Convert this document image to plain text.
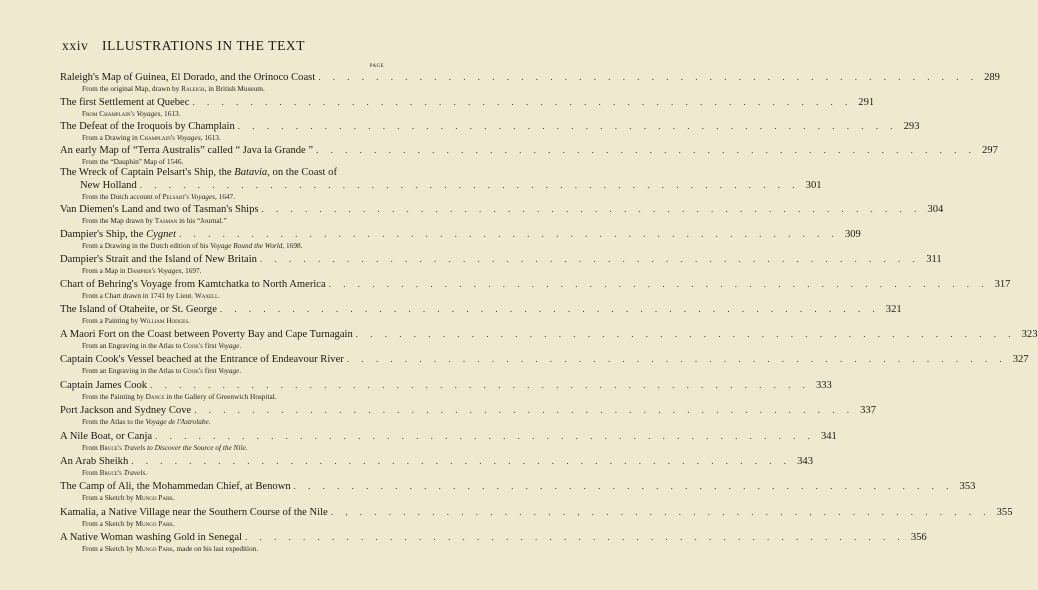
xxiv ILLUSTRATIONS IN THE TEXT
PAGE
Raleigh's Map of Guinea, El Dorado, and the Orinoco Coast . . .	289
From the original Map, drawn by Raleigh, in British Museum.
The first Settlement at Quebec . . .	291
From Champlain's Voyages, 1613.
The Defeat of the Iroquois by Champlain . . .	293
From a Drawing in Champlain's Voyages, 1613.
An early Map of “Terra Australis” called “ Java la Grande ” . . .	297
From the “Dauphin” Map of 1546.
The Wreck of Captain Pelsart's Ship, the Batavia, on the Coast of
New Holland . . .	301
From the Dutch account of Pelsart's Voyages, 1647.
Van Diemen's Land and two of Tasman's Ships . . .	304
From the Map drawn by Tasman in his “Journal.”
Dampier's Ship, the Cygnet . . .	309
From a Drawing in the Dutch edition of his Voyage Round the World, 1698.
Dampier's Strait and the Island of New Britain . . .	311
From a Map in Dampier's Voyages, 1697.
Chart of Behring's Voyage from Kamtchatka to North America . . .	317
From a Chart drawn in 1741 by Lieut. Waxell.
The Island of Otaheite, or St. George . . .	321
From a Painting by William Hodges.
A Maori Fort on the Coast between Poverty Bay and Cape Turnagain . . .	323
From an Engraving in the Atlas to Cook's first Voyage.
Captain Cook's Vessel beached at the Entrance of Endeavour River . . .	327
From an Engraving in the Atlas to Cook's first Voyage.
Captain James Cook . . .	333
From the Painting by Dance in the Gallery of Greenwich Hospital.
Port Jackson and Sydney Cove . . .	337
From the Atlas to the Voyage de l'Astrolabe.
A Nile Boat, or Canja . . .	341
From Bruce's Travels to Discover the Source of the Nile.
An Arab Sheikh . . .	343
From Bruce's Travels.
The Camp of Ali, the Mohammedan Chief, at Benown . . .	353
From a Sketch by Mungo Park.
Kamalia, a Native Village near the Southern Course of the Nile . . .	355
From a Sketch by Mungo Park.
A Native Woman washing Gold in Senegal . . .	356
From a Sketch by Mungo Park, made on his last expedition.
